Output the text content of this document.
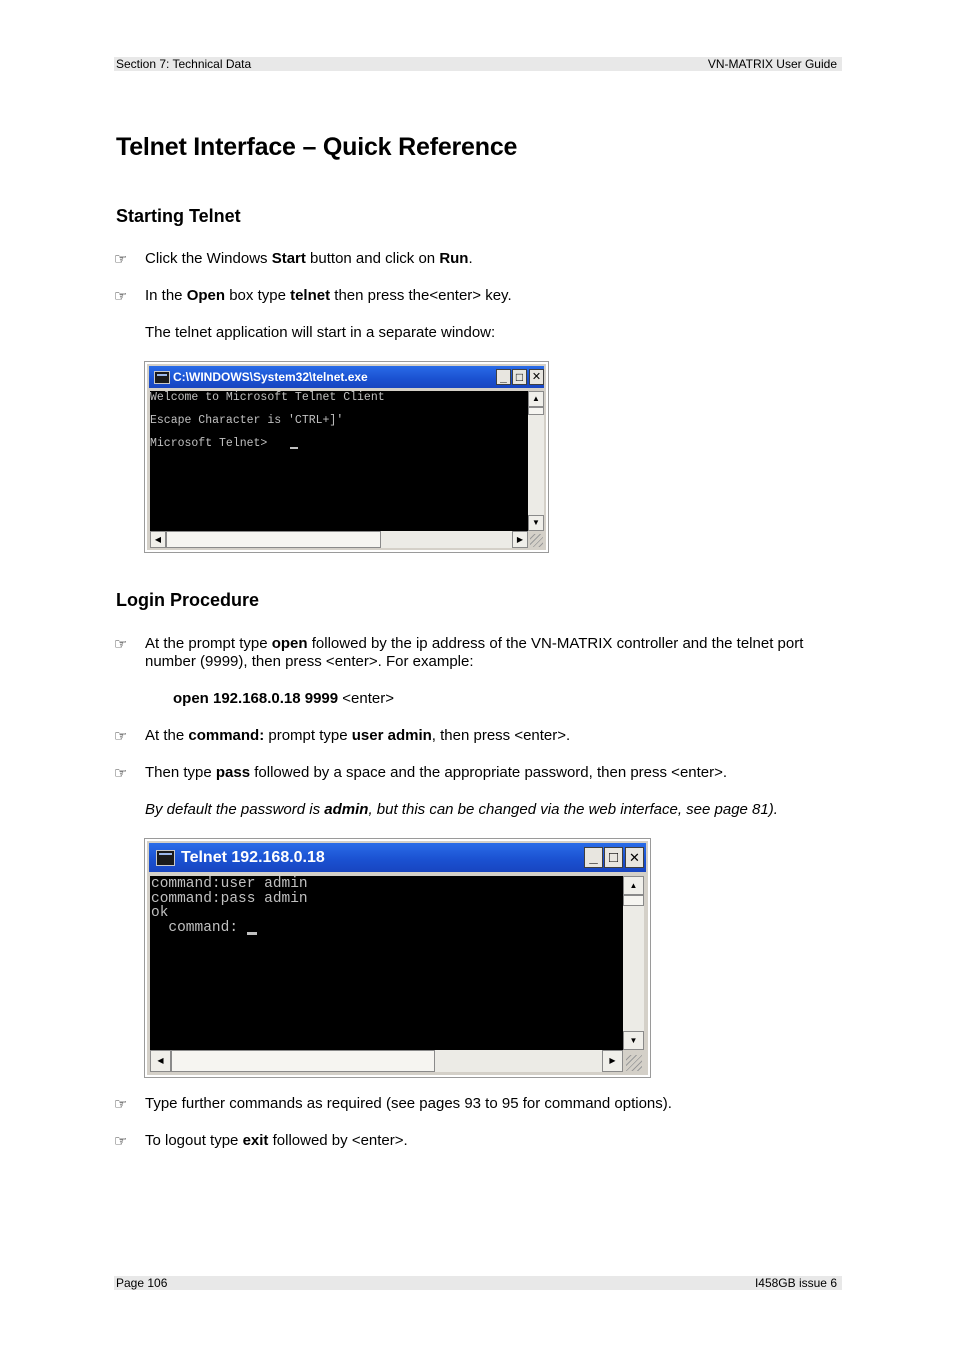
Section 7: Technical Data	VN-MATRIX User Guide
Telnet Interface – Quick Reference
Starting Telnet
☞ Click the Windows Start button and click on Run.
☞ In the Open box type telnet then press the<enter> key.
The telnet application will start in a separate window:
C:\WINDOWS\System32\telnet.exe	_ □ ✕

Welcome to Microsoft Telnet Client

Escape Character is 'CTRL+]'

Microsoft Telnet>

▲
▼
◀	▶
Login Procedure
☞ At the prompt type open followed by the ip address of the VN-MATRIX controller and the telnet port number (9999), then press <enter>. For example:
open 192.168.0.18 9999 <enter>
☞ At the command: prompt type user admin, then press <enter>.
☞ Then type pass followed by a space and the appropriate password, then press <enter>.
By default the password is admin, but this can be changed via the web interface, see page 81).
Telnet 192.168.0.18	_ □ ✕

command:user admin

command:pass admin

ok

command:

▲
▼
◀	▶
☞ Type further commands as required (see pages 93 to 95 for command options).
☞ To logout type exit followed by <enter>.
Page 106	I458GB issue 6
